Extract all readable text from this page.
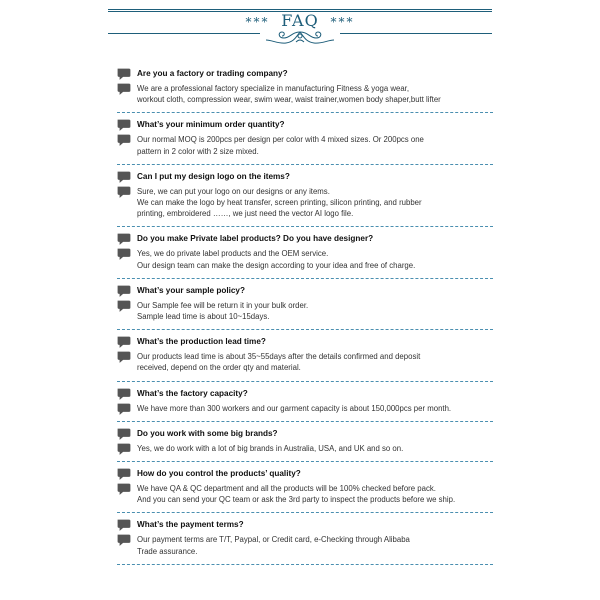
*** FAQ ***
Are you a factory or trading company?
We are a professional factory specialize in manufacturing Fitness & yoga wear,
workout cloth, compression wear, swim wear, waist trainer,women body shaper,butt lifter
What’s your minimum order quantity?
Our normal MOQ is 200pcs per design per color with 4 mixed sizes. Or 200pcs one
pattern in 2 color with 2 size mixed.
Can I put my design logo on the items?
Sure, we can put your logo on our designs or any items.
We can make the logo by heat transfer, screen printing, silicon printing, and rubber
printing, embroidered ……, we just need the vector AI logo file.
Do you make Private label products? Do you have designer?
Yes, we do private label products and the OEM service.
Our design team can make the design according to your idea and free of charge.
What’s your sample policy?
Our Sample fee will be return it in your bulk order.
Sample lead time is about 10~15days.
What’s the production lead time?
Our products lead time is about 35~55days after the details confirmed and deposit
received, depend on the order qty and material.
What’s the factory capacity?
We have more than 300 workers and our garment capacity is about 150,000pcs per month.
Do you work with some big brands?
Yes, we do work with a lot of big brands in Australia, USA, and UK and so on.
How do you control the products’ quality?
We have QA & QC department and all the products will be 100% checked before pack.
And you can send your QC team or ask the 3rd party to inspect the products before we ship.
What’s the payment terms?
Our payment terms are T/T, Paypal, or Credit card, e-Checking through Alibaba
Trade assurance.
